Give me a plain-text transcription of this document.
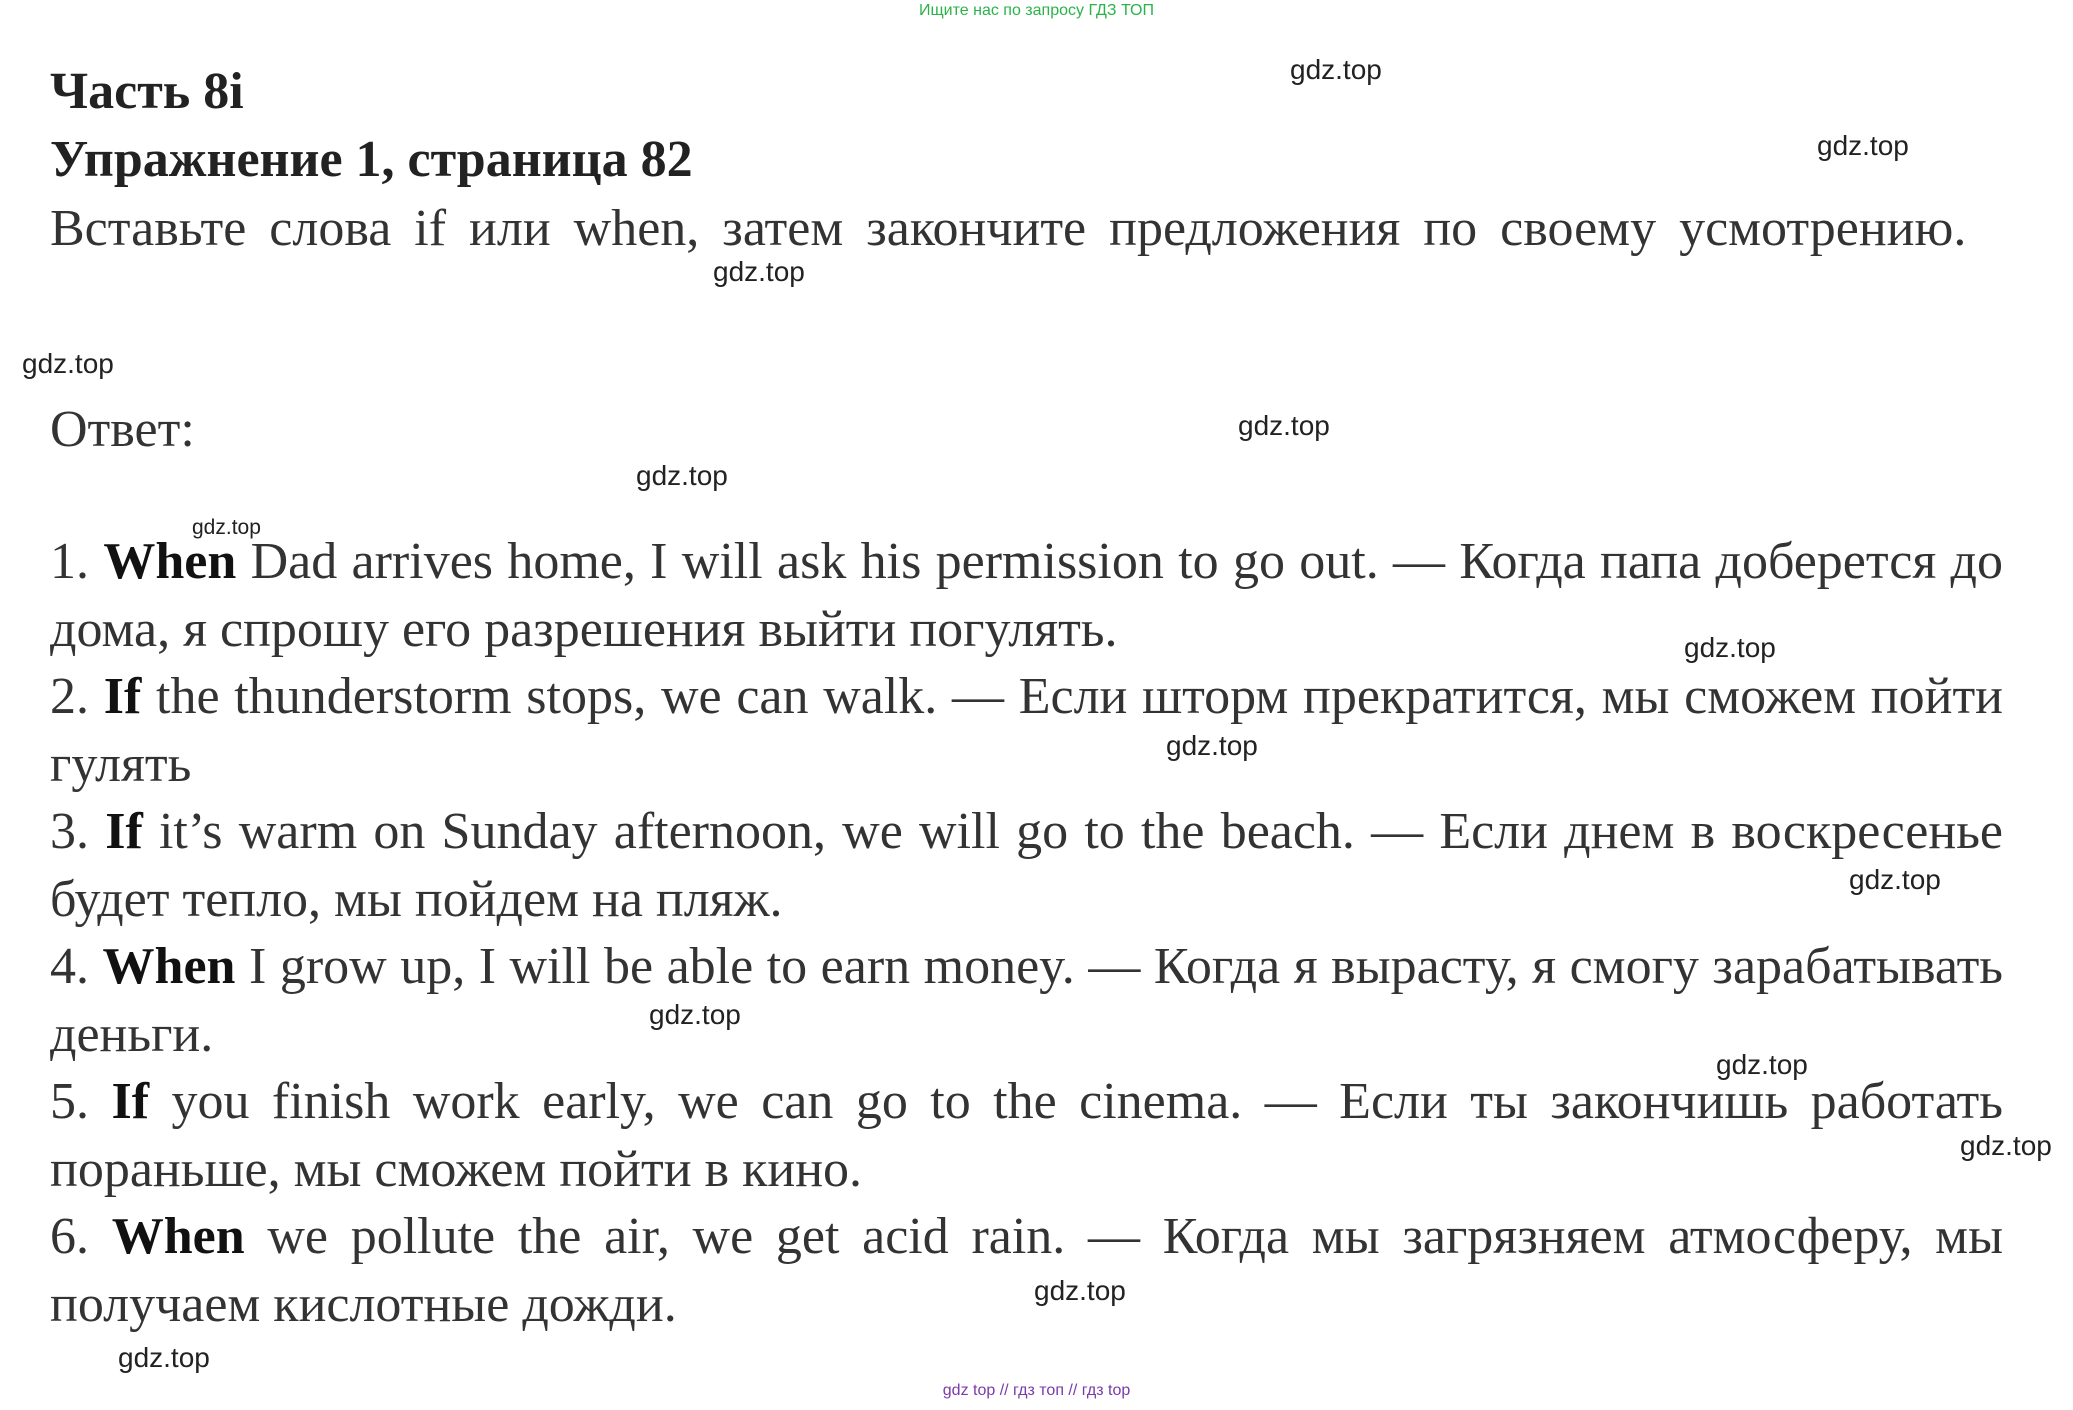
Ищите нас по запросу ГДЗ ТОП
Часть 8i
Упражнение 1, страница 82
Вставьте слова if или when, затем закончите предложения по своему усмотрению.
Ответ:
1. When Dad arrives home, I will ask his permission to go out. — Когда папа доберется до дома, я спрошу его разрешения выйти погулять.
2. If the thunderstorm stops, we can walk. — Если шторм прекратится, мы сможем пойти гулять
3. If it’s warm on Sunday afternoon, we will go to the beach. — Если днем в воскресенье будет тепло, мы пойдем на пляж.
4. When I grow up, I will be able to earn money. — Когда я вырасту, я смогу зарабатывать деньги.
5. If you finish work early, we can go to the cinema. — Если ты закончишь работать пораньше, мы сможем пойти в кино.
6. When we pollute the air, we get acid rain. — Когда мы загрязняем атмосферу, мы получаем кислотные дожди.
gdz.top
gdz.top
gdz.top
gdz.top
gdz.top
gdz.top
gdz.top
gdz.top
gdz.top
gdz.top
gdz.top
gdz.top
gdz.top
gdz.top
gdz.top
gdz top // гдз топ // гдз top
